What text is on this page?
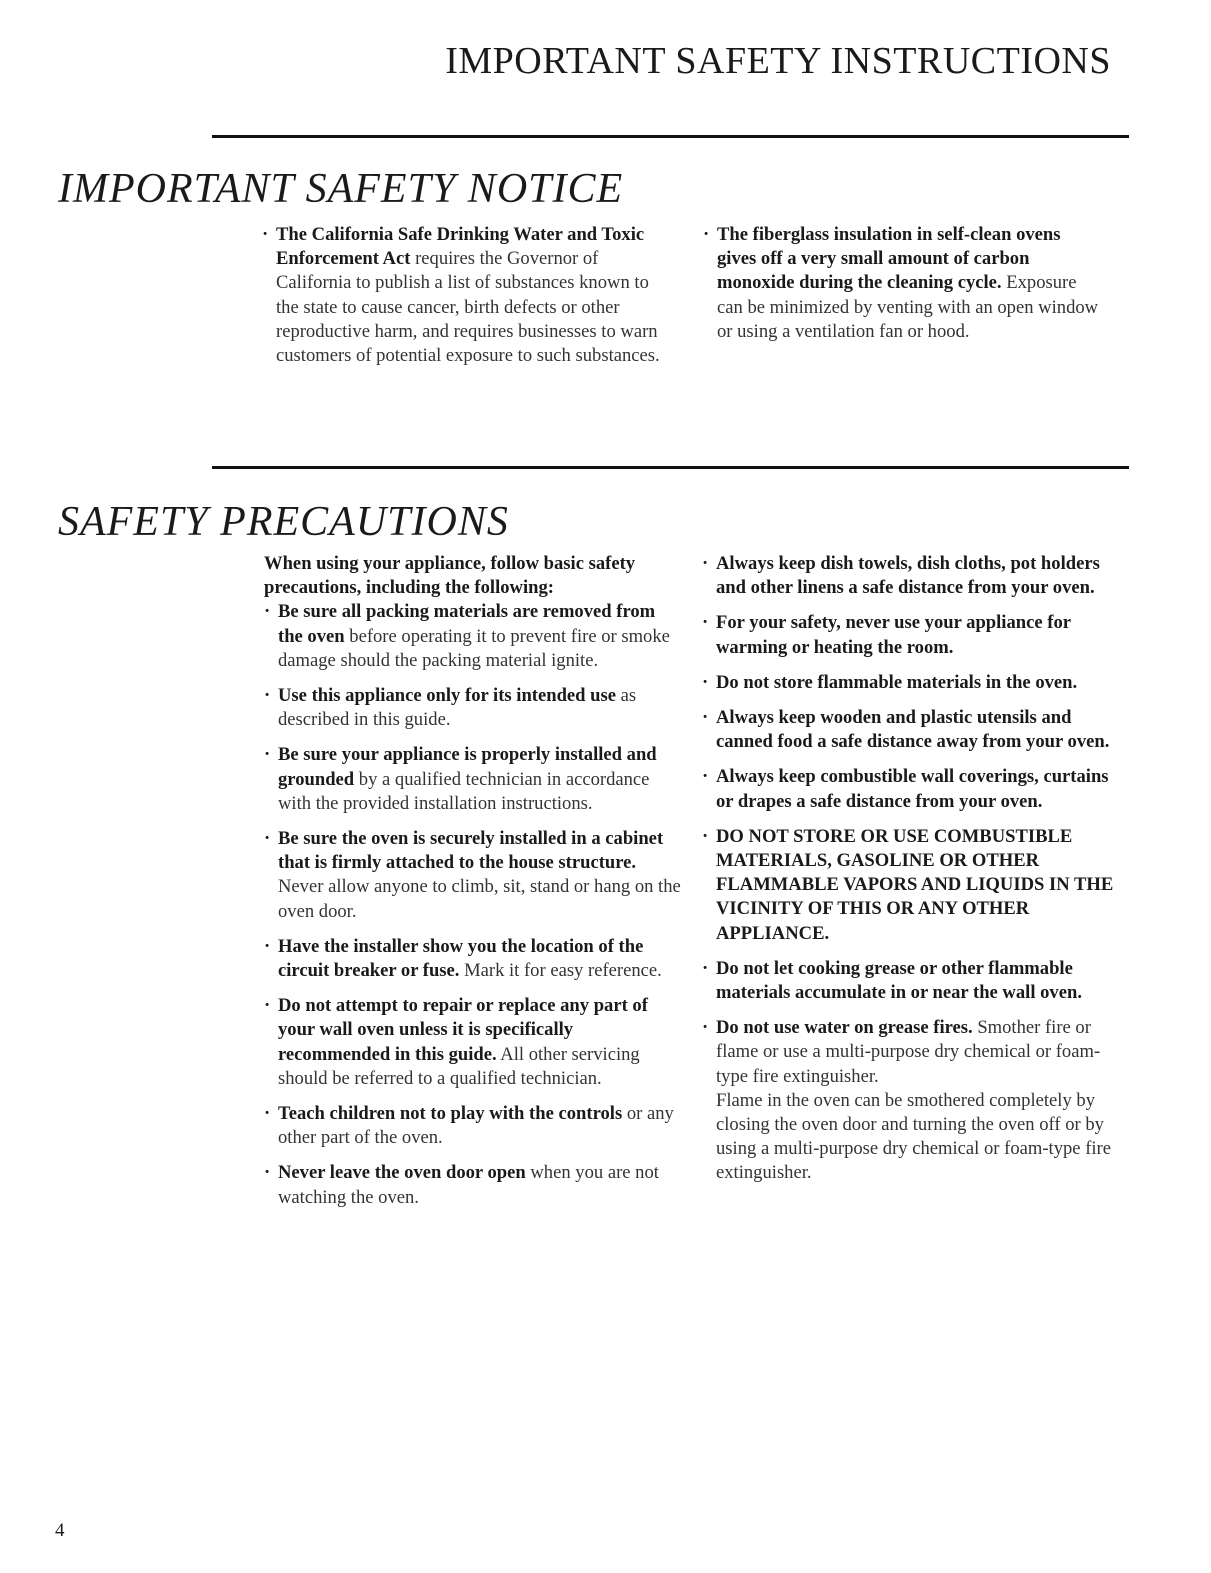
IMPORTANT SAFETY INSTRUCTIONS
IMPORTANT SAFETY NOTICE
· The California Safe Drinking Water and Toxic Enforcement Act requires the Governor of California to publish a list of substances known to the state to cause cancer, birth defects or other reproductive harm, and requires businesses to warn customers of potential exposure to such substances.

· The fiberglass insulation in self-clean ovens gives off a very small amount of carbon monoxide during the cleaning cycle. Exposure can be minimized by venting with an open window or using a ventilation fan or hood.

SAFETY PRECAUTIONS

When using your appliance, follow basic safety precautions, including the following:

· Be sure all packing materials are removed from the oven before operating it to prevent fire or smoke damage should the packing material ignite.

· Use this appliance only for its intended use as described in this guide.

· Be sure your appliance is properly installed and grounded by a qualified technician in accordance with the provided installation instructions.

· Be sure the oven is securely installed in a cabinet that is firmly attached to the house structure. Never allow anyone to climb, sit, stand or hang on the oven door.

· Have the installer show you the location of the circuit breaker or fuse. Mark it for easy reference.

· Do not attempt to repair or replace any part of your wall oven unless it is specifically recommended in this guide. All other servicing should be referred to a qualified technician.

· Teach children not to play with the controls or any other part of the oven.

· Never leave the oven door open when you are not watching the oven.

· Always keep dish towels, dish cloths, pot holders and other linens a safe distance from your oven.

· For your safety, never use your appliance for warming or heating the room.

· Do not store flammable materials in the oven.

· Always keep wooden and plastic utensils and canned food a safe distance away from your oven.

· Always keep combustible wall coverings, curtains or drapes a safe distance from your oven.

· DO NOT STORE OR USE COMBUSTIBLE MATERIALS, GASOLINE OR OTHER FLAMMABLE VAPORS AND LIQUIDS IN THE VICINITY OF THIS OR ANY OTHER APPLIANCE.

· Do not let cooking grease or other flammable materials accumulate in or near the wall oven.

· Do not use water on grease fires. Smother fire or flame or use a multi-purpose dry chemical or foam-type fire extinguisher.

Flame in the oven can be smothered completely by closing the oven door and turning the oven off or by using a multi-purpose dry chemical or foam-type fire extinguisher.

4
